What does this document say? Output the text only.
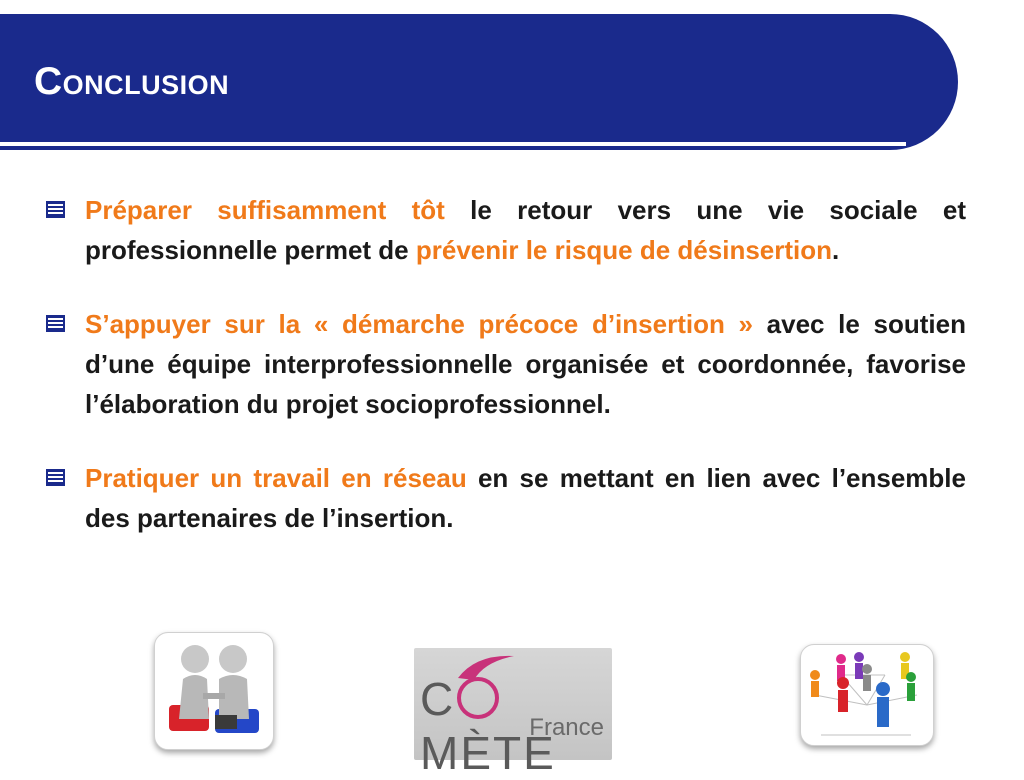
Conclusion
Préparer suffisamment tôt le retour vers une vie sociale et professionnelle permet de prévenir le risque de désinsertion.
S’appuyer sur la « démarche précoce d’insertion » avec le soutien d’une équipe interprofessionnelle organisée et coordonnée, favorise l’élaboration du projet socioprofessionnel.
Pratiquer un travail en réseau en se mettant en lien avec l’ensemble des partenaires de l’insertion.
CMÈTE
France
